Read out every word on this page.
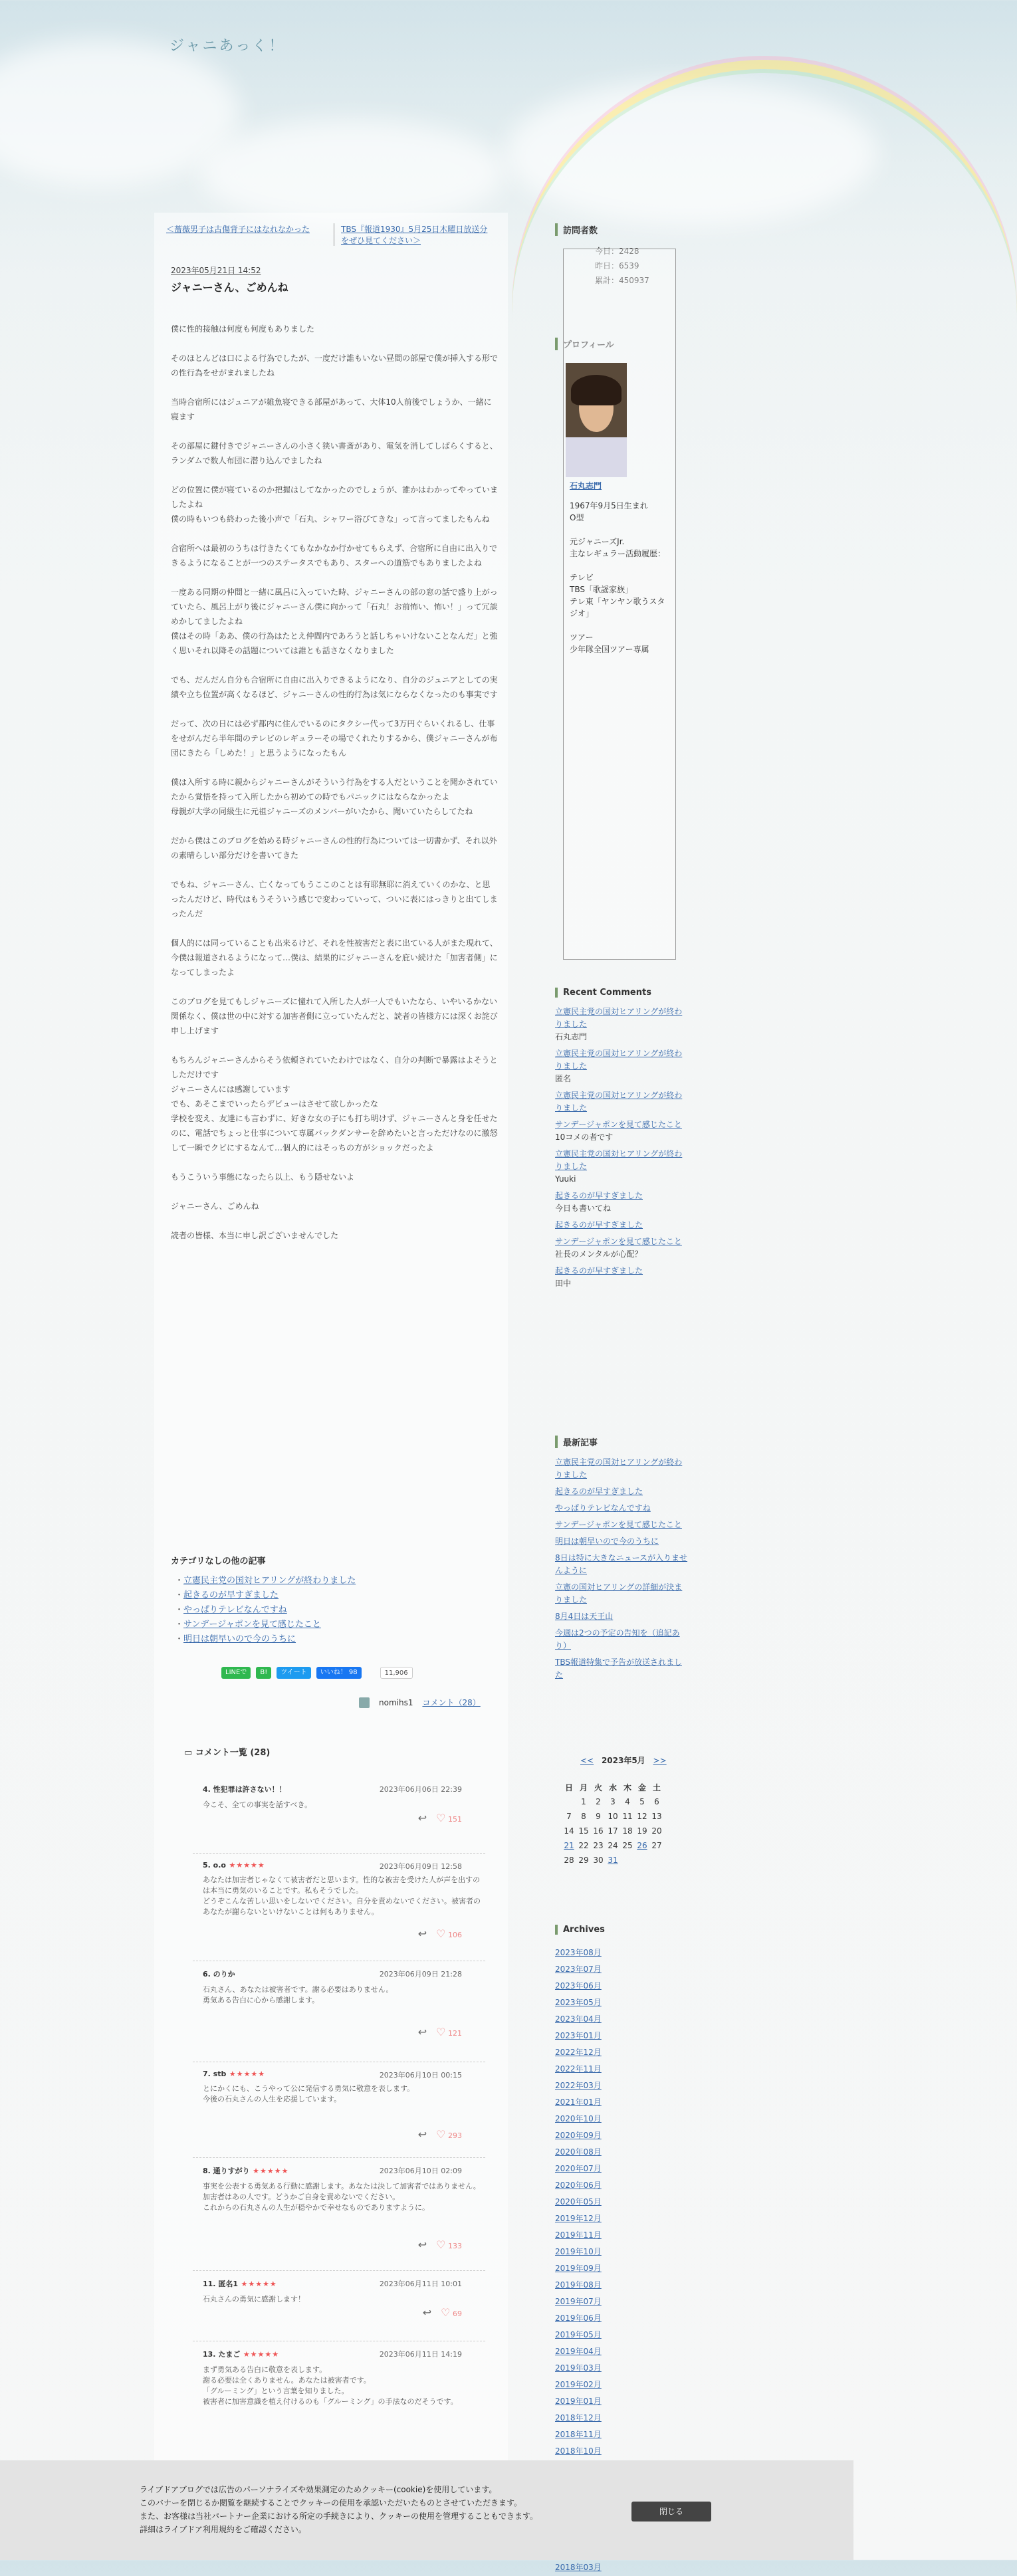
ジャニあっく！
＜薔薇男子は古傷背子にはなれなかった	TBS『報道1930』5月25日木曜日放送分をぜひ見てください＞
2023年05月21日 14:52
ジャニーさん、ごめんね

僕に性的接触は何度も何度もありました

そのほとんどは口による行為でしたが、一度だけ誰もいない昼間の部屋で僕が挿入する形での性行為をせがまれましたね

当時合宿所にはジュニアが雑魚寝できる部屋があって、大体10人前後でしょうか、一緒に寝ます

その部屋に鍵付きでジャニーさんの小さく狭い書斎があり、電気を消してしばらくすると、ランダムで数人布団に潜り込んでましたね

どの位置に僕が寝ているのか把握はしてなかったのでしょうが、誰かはわかってやっていましたよね
僕の時もいつも終わった後小声で「石丸、シャワー浴びてきな」って言ってましたもんね

合宿所へは最初のうちは行きたくてもなかなか行かせてもらえず、合宿所に自由に出入りできるようになることが一つのステータスでもあり、スターへの道筋でもありましたよね

一度ある同期の仲間と一緒に風呂に入っていた時、ジャニーさんの部の窓の話で盛り上がっていたら、風呂上がり後にジャニーさん僕に向かって「石丸！お前怖い、怖い！」って冗談めかしてましたよね
僕はその時「ああ、僕の行為はたとえ仲間内であろうと話しちゃいけないことなんだ」と強く思いそれ以降その話題については誰とも話さなくなりました

でも、だんだん自分も合宿所に自由に出入りできるようになり、自分のジュニアとしての実績や立ち位置が高くなるほど、ジャニーさんの性的行為は気にならなくなったのも事実です

だって、次の日には必ず都内に住んでいるのにタクシー代って3万円ぐらいくれるし、仕事をせがんだら半年間のテレビのレギュラーその場でくれたりするから、僕ジャニーさんが布団にきたら「しめた！」と思うようになったもん

僕は入所する時に親からジャニーさんがそういう行為をする人だということを聞かされていたから覚悟を持って入所したから初めての時でもパニックにはならなかったよ
母親が大学の同級生に元祖ジャニーズのメンバーがいたから、聞いていたらしてたね

だから僕はこのブログを始める時ジャニーさんの性的行為については一切書かず、それ以外の素晴らしい部分だけを書いてきた

でもね、ジャニーさん、亡くなってもうここのことは有耶無耶に消えていくのかな、と思ったんだけど、時代はもうそういう感じで変わっていって、ついに表にはっきりと出てしまったんだ

個人的には同っていることも出来るけど、それを性被害だと表に出ている人がまた現れて、今僕は報道されるようになって…僕は、結果的にジャニーさんを庇い続けた「加害者側」になってしまったよ

このブログを見てもしジャニーズに憧れて入所した人が一人でもいたなら、いやいるかない関係なく、僕は世の中に対する加害者側に立っていたんだと、読者の皆様方には深くお詫び申し上げます

もちろんジャニーさんからそう依頼されていたわけではなく、自分の判断で暴露はよそうとしただけです
ジャニーさんには感謝しています
でも、あそこまでいったらデビューはさせて欲しかったな
学校を変え、友達にも言わずに、好きな女の子にも打ち明けず、ジャニーさんと身を任せたのに、電話でちょっと仕事について専属バックダンサーを辞めたいと言っただけなのに激怒して一瞬でクビにするなんて…個人的にはそっちの方がショックだったよ

もうこういう事態になったら以上、もう隠せないよ

ジャニーさん、ごめんね

読者の皆様、本当に申し訳ございませんでした

カテゴリなしの他の記事
・ 立憲民主党の国対ヒアリングが終わりました
・ 起きるのが早すぎました
・ やっぱりテレビなんですね
・ サンデージャポンを見て感じたこと
・ 明日は朝早いので今のうちに
LINEで	B!	ツイート	いいね！ 98	11,906
nomihs1 コメント（28）
▭ コメント一覧 (28)
4. 性犯罪は許さない！！	2023年06月06日 22:39
今こそ、全ての事実を話すべき。
↩ ♡ 151
5. o.o ★★★★★	2023年06月09日 12:58
あなたは加害者じゃなくて被害者だと思います。性的な被害を受けた人が声を出すのは本当に勇気のいることです。私もそうでした。
どうぞこんな苦しい思いをしないでください。自分を責めないでください。被害者のあなたが謝らないといけないことは何もありません。
↩ ♡ 106
6. のりか	2023年06月09日 21:28
石丸さん、あなたは被害者です。謝る必要はありません。
勇気ある告白に心から感謝します。
↩ ♡ 121
7. stb ★★★★★	2023年06月10日 00:15
とにかくにも、こうやって公に発信する勇気に敬意を表します。
今後の石丸さんの人生を応援しています。
↩ ♡ 293
8. 通りすがり ★★★★★	2023年06月10日 02:09
事実を公表する勇気ある行動に感謝します。あなたは決して加害者ではありません。
加害者はあの人です。どうかご自身を責めないでください。
これからの石丸さんの人生が穏やかで幸せなものでありますように。
↩ ♡ 133
11. 匿名1 ★★★★★	2023年06月11日 10:01
石丸さんの勇気に感謝します！
↩ ♡ 69
13. たまご ★★★★★	2023年06月11日 14:19
まず勇気ある告白に敬意を表します。
謝る必要は全くありません。あなたは被害者です。
「グルーミング」という言葉を知りました。
被害者に加害意識を植え付けるのも「グルーミング」の手法なのだそうです。
訪問者数
今日：2428
昨日：6539
累計：450937
プロフィール
石丸志門
1967年9月5日生まれ
O型

元ジャニーズJr.
主なレギュラー活動履歴：

テレビ
TBS「歌謡家族」
テレ東「ヤンヤン歌うスタジオ」

ツアー
少年隊全国ツアー専属
Recent Comments
立憲民主党の国対ヒアリングが終わりました
石丸志門
立憲民主党の国対ヒアリングが終わりました
匿名
立憲民主党の国対ヒアリングが終わりました
サンデージャポンを見て感じたこと
10コメの者です
立憲民主党の国対ヒアリングが終わりました
Yuuki
起きるのが早すぎました
今日も書いてね
起きるのが早すぎました
サンデージャポンを見て感じたこと
社長のメンタルが心配？
起きるのが早すぎました
田中
最新記事
立憲民主党の国対ヒアリングが終わりました
起きるのが早すぎました
やっぱりテレビなんですね
サンデージャポンを見て感じたこと
明日は朝早いので今のうちに
8日は特に大きなニュースが入りませんように
立憲の国対ヒアリングの詳細が決まりました
8月4日は天王山
今週は2つの予定の告知を（追記あり）
TBS報道特集で予告が放送されました
<< 2023年5月 >>
日	月	火	水	木	金	土
	1	2	3	4	5	6
7	8	9	10	11	12	13
14	15	16	17	18	19	20
21	22	23	24	25	26	27
28	29	30	31			
Archives
2023年08月
2023年07月
2023年06月
2023年05月
2023年04月
2023年01月
2022年12月
2022年11月
2022年03月
2021年01月
2020年10月
2020年09月
2020年08月
2020年07月
2020年06月
2020年05月
2019年12月
2019年11月
2019年10月
2019年09月
2019年08月
2019年07月
2019年06月
2019年05月
2019年04月
2019年03月
2019年02月
2019年01月
2018年12月
2018年11月
2018年10月
2018年03月
ライブドアブログでは広告のパーソナライズや効果測定のためクッキー(cookie)を使用しています。
このバナーを閉じるか閲覧を継続することでクッキーの使用を承認いただいたものとさせていただきます。
また、お客様は当社パートナー企業における所定の手続きにより、クッキーの使用を管理することもできます。
詳細はライブドア利用規約をご確認ください。
閉じる
